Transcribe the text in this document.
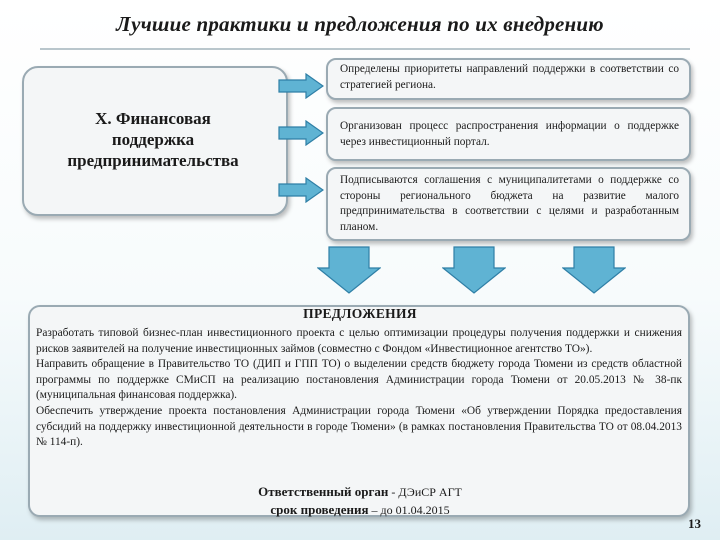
Лучшие практики и предложения по их внедрению
X. Финансовая
поддержка
предпринимательства
Определены приоритеты направлений поддержки в соответствии со стратегией региона.
Организован процесс распространения информации о поддержке через инвестиционный портал.
Подписываются соглашения с муниципалитетами о поддержке со стороны регионального бюджета на развитие малого предпринимательства в соответствии с целями и разработанным планом.
ПРЕДЛОЖЕНИЯ

Разработать типовой бизнес-план инвестиционного проекта с целью оптимизации процедуры получения поддержки и снижения рисков заявителей на получение инвестиционных займов (совместно с Фондом «Инвестиционное агентство ТО»).

Направить обращение в Правительство ТО (ДИП и ГПП ТО) о выделении средств бюджету города Тюмени из средств областной программы по поддержке СМиСП на реализацию постановления Администрации города Тюмени от 20.05.2013 № 38-пк (муниципальная финансовая поддержка).

Обеспечить утверждение проекта постановления Администрации города Тюмени «Об утверждении Порядка предоставления субсидий на поддержку инвестиционной деятельности в городе Тюмени» (в рамках постановления Правительства ТО от 08.04.2013 № 114-п).

Ответственный орган - ДЭиСР АГТ
срок проведения – до 01.04.2015
13
